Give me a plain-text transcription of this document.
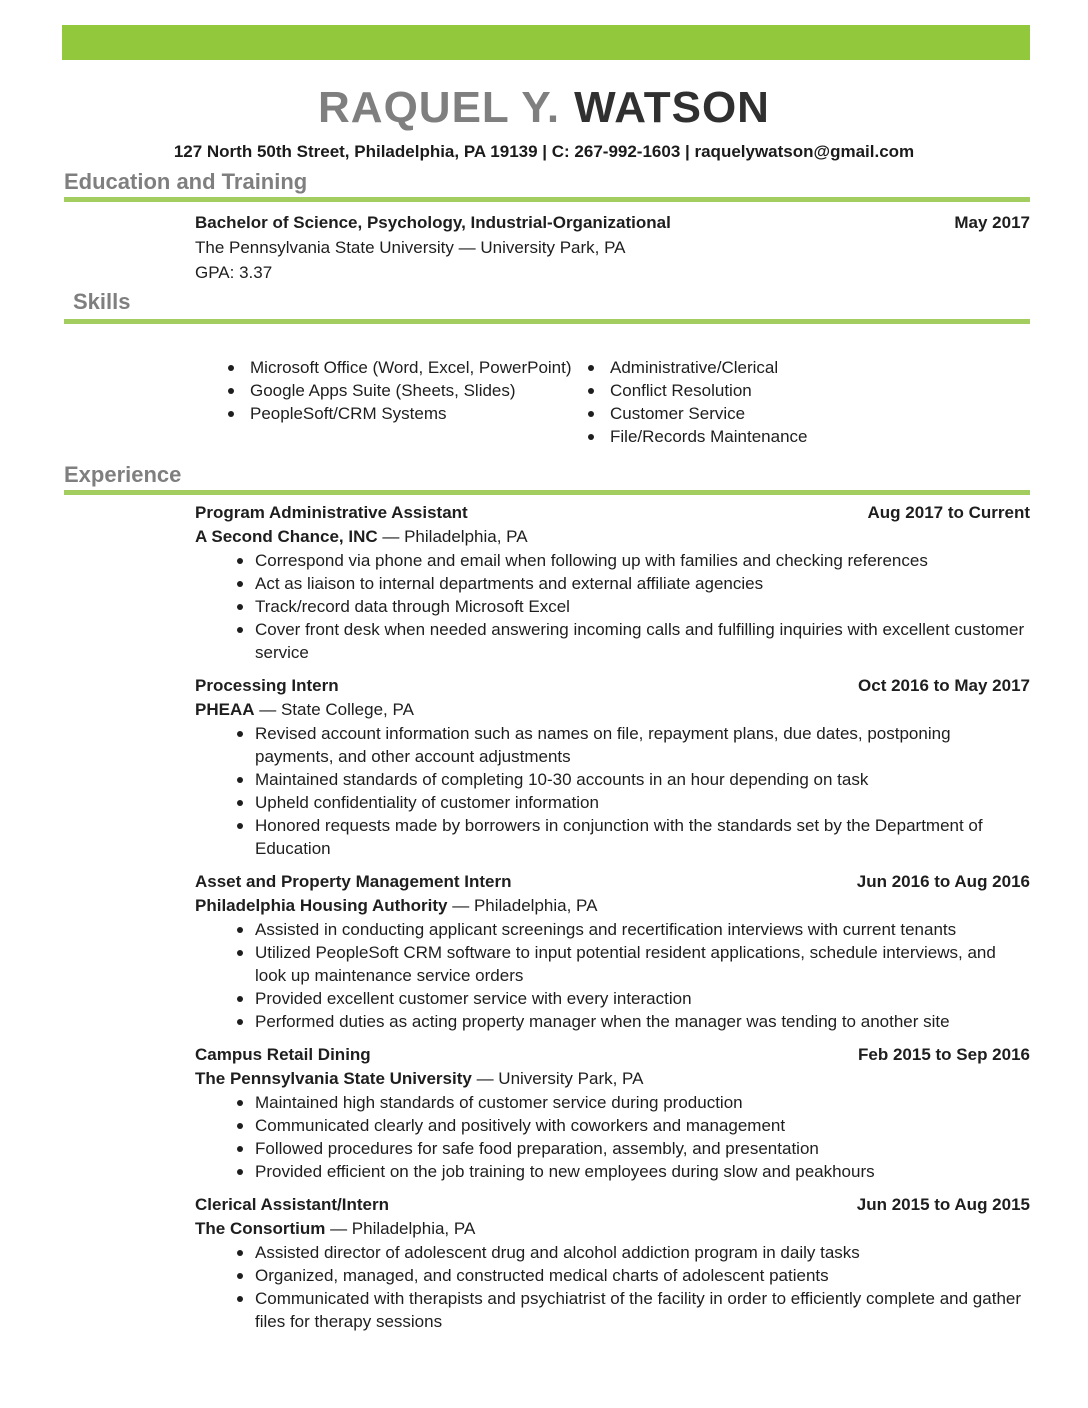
RAQUEL Y. WATSON
127 North 50th Street, Philadelphia, PA 19139 | C: 267-992-1603 | raquelywatson@gmail.com
Education and Training
Bachelor of Science, Psychology, Industrial-Organizational	May 2017
The Pennsylvania State University — University Park, PA
GPA: 3.37
Skills
Microsoft Office (Word, Excel, PowerPoint)
Google Apps Suite (Sheets, Slides)
PeopleSoft/CRM Systems
Administrative/Clerical
Conflict Resolution
Customer Service
File/Records Maintenance
Experience
Program Administrative Assistant	Aug 2017 to Current
A Second Chance, INC — Philadelphia, PA
Correspond via phone and email when following up with families and checking references
Act as liaison to internal departments and external affiliate agencies
Track/record data through Microsoft Excel
Cover front desk when needed answering incoming calls and fulfilling inquiries with excellent customer service
Processing Intern	Oct 2016 to May 2017
PHEAA — State College, PA
Revised account information such as names on file, repayment plans, due dates, postponing payments, and other account adjustments
Maintained standards of completing 10-30 accounts in an hour depending on task
Upheld confidentiality of customer information
Honored requests made by borrowers in conjunction with the standards set by the Department of Education
Asset and Property Management Intern	Jun 2016 to Aug 2016
Philadelphia Housing Authority — Philadelphia, PA
Assisted in conducting applicant screenings and recertification interviews with current tenants
Utilized PeopleSoft CRM software to input potential resident applications, schedule interviews, and look up maintenance service orders
Provided excellent customer service with every interaction
Performed duties as acting property manager when the manager was tending to another site
Campus Retail Dining	Feb 2015 to Sep 2016
The Pennsylvania State University — University Park, PA
Maintained high standards of customer service during production
Communicated clearly and positively with coworkers and management
Followed procedures for safe food preparation, assembly, and presentation
Provided efficient on the job training to new employees during slow and peakhours
Clerical Assistant/Intern	Jun 2015 to Aug 2015
The Consortium — Philadelphia, PA
Assisted director of adolescent drug and alcohol addiction program in daily tasks
Organized, managed, and constructed medical charts of adolescent patients
Communicated with therapists and psychiatrist of the facility in order to efficiently complete and gather files for therapy sessions
